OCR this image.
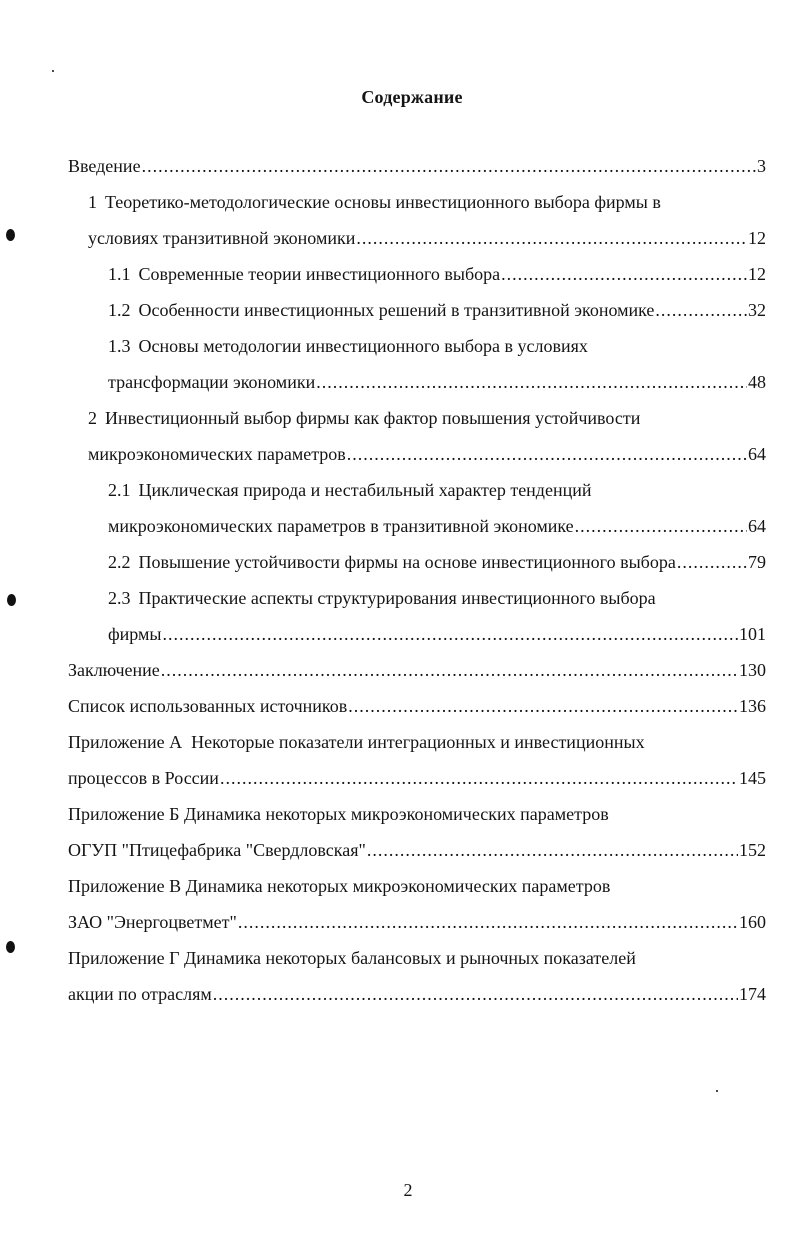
Содержание
Введение .....	3
1 Теоретико-методологические основы инвестиционного выбора фирмы в
условиях транзитивной экономики .....	12
1.1 Современные теории инвестиционного выбора .....	12
1.2 Особенности инвестиционных решений в транзитивной экономике .....	32
1.3 Основы методологии инвестиционного выбора в условиях
трансформации экономики .....	48
2 Инвестиционный выбор фирмы как фактор повышения устойчивости
микроэкономических параметров .....	64
2.1 Циклическая природа и нестабильный характер тенденций
микроэкономических параметров в транзитивной экономике .....	64
2.2 Повышение устойчивости фирмы на основе инвестиционного выбора .....	79
2.3 Практические аспекты структурирования инвестиционного выбора
фирмы .....	101
Заключение .....	130
Список использованных источников .....	136
Приложение А  Некоторые показатели интеграционных и инвестиционных
процессов в России .....	145
Приложение Б Динамика некоторых микроэкономических параметров
ОГУП "Птицефабрика "Свердловская" .....	152
Приложение В Динамика некоторых микроэкономических параметров
ЗАО "Энергоцветмет" .....	160
Приложение Г Динамика некоторых балансовых и рыночных показателей
акции по отраслям .....	174
2
